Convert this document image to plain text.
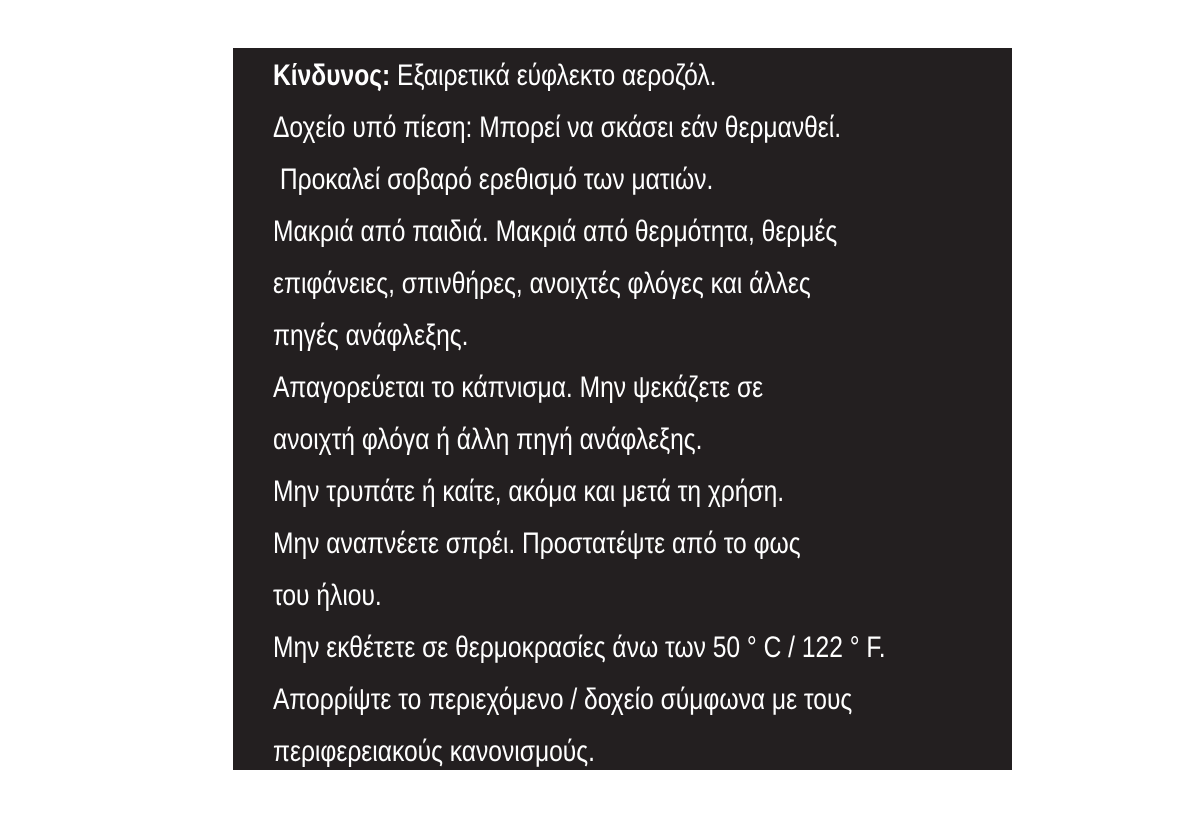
Κίνδυνος: Εξαιρετικά εύφλεκτο αεροζόλ.
Δοχείο υπό πίεση: Μπορεί να σκάσει εάν θερμανθεί.
Προκαλεί σοβαρό ερεθισμό των ματιών.
Μακριά από παιδιά. Μακριά από θερμότητα, θερμές
επιφάνειες, σπινθήρες, ανοιχτές φλόγες και άλλες
πηγές ανάφλεξης.
Απαγορεύεται το κάπνισμα. Μην ψεκάζετε σε
ανοιχτή φλόγα ή άλλη πηγή ανάφλεξης.
Μην τρυπάτε ή καίτε, ακόμα και μετά τη χρήση.
Μην αναπνέετε σπρέι. Προστατέψτε από το φως
του ήλιου.
Μην εκθέτετε σε θερμοκρασίες άνω των 50 ° C / 122 ° F.
Απορρίψτε το περιεχόμενο / δοχείο σύμφωνα με τους
περιφερειακούς κανονισμούς.
